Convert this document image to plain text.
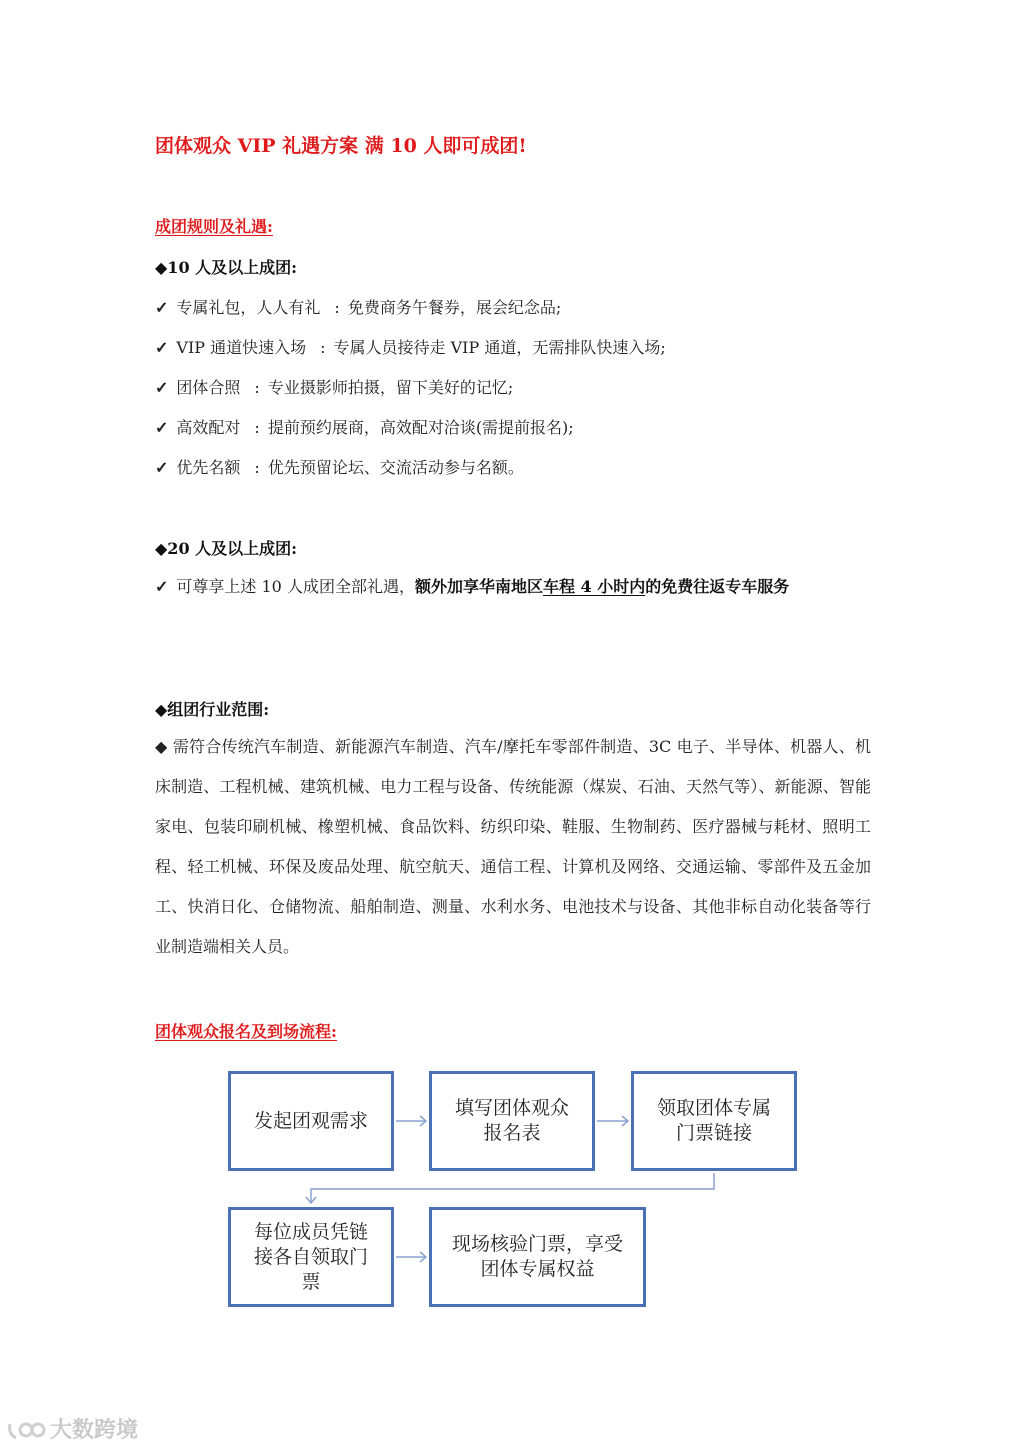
团体观众 VIP 礼遇方案 满 10 人即可成团!
成团规则及礼遇:
◆10 人及以上成团:
✓ 专属礼包，人人有礼 : 免费商务午餐券，展会纪念品;
✓ VIP 通道快速入场 : 专属人员接待走 VIP 通道，无需排队快速入场;
✓ 团体合照 : 专业摄影师拍摄，留下美好的记忆;
✓ 高效配对 : 提前预约展商，高效配对洽谈(需提前报名);
✓ 优先名额 : 优先预留论坛、交流活动参与名额。
◆20 人及以上成团:
✓ 可尊享上述 10 人成团全部礼遇，额外加享华南地区车程 4 小时内的免费往返专车服务
◆组团行业范围:
◆ 需符合传统汽车制造、新能源汽车制造、汽车/摩托车零部件制造、3C 电子、半导体、机器人、机床制造、工程机械、建筑机械、电力工程与设备、传统能源（煤炭、石油、天然气等）、新能源、智能家电、包装印刷机械、橡塑机械、食品饮料、纺织印染、鞋服、生物制药、医疗器械与耗材、照明工程、轻工机械、环保及废品处理、航空航天、通信工程、计算机及网络、交通运输、零部件及五金加工、快消日化、仓储物流、船舶制造、测量、水利水务、电池技术与设备、其他非标自动化装备等行业制造端相关人员。
团体观众报名及到场流程:
发起团观需求
填写团体观众报名表
领取团体专属门票链接
每位成员凭链接各自领取门票
现场核验门票，享受团体专属权益
大数跨境
